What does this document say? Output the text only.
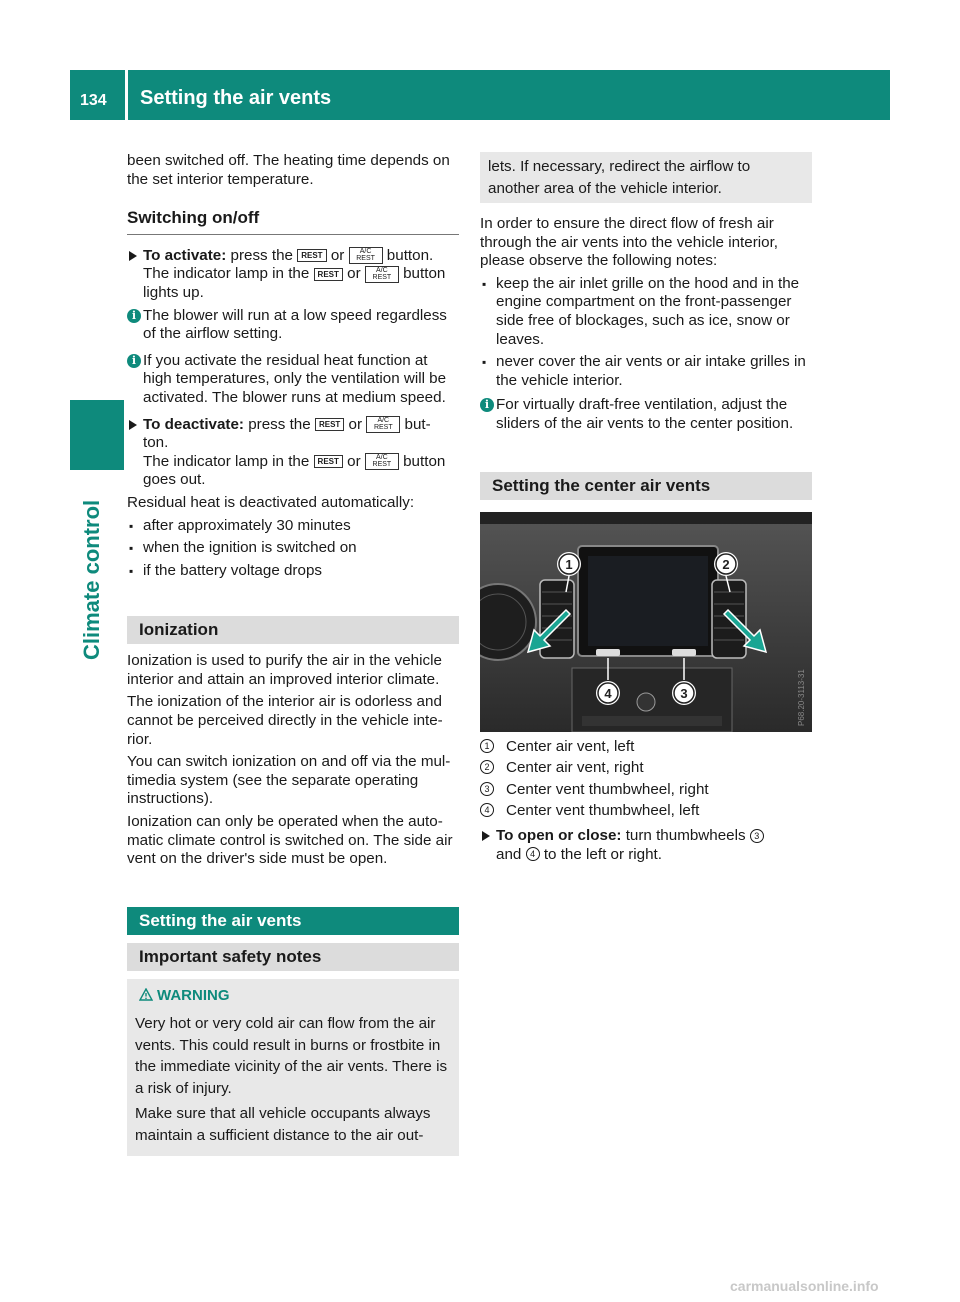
134 Setting the air vents
Climate control

been switched off. The heating time depends on the set interior temperature.

Switching on/off
To activate: press the REST or A/C
REST button.
The indicator lamp in the REST or A/C
REST button lights up.
i The blower will run at a low speed regardless of the airflow setting.
i If you activate the residual heat function at high temperatures, only the ventilation will be activated. The blower runs at medium speed.
To deactivate: press the REST or A/C
REST but- ton.
The indicator lamp in the REST or A/C
REST button goes out.

Residual heat is deactivated automatically:

▪ after approximately 30 minutes
▪ when the ignition is switched on
▪ if the battery voltage drops
Ionization

Ionization is used to purify the air in the vehicle interior and attain an improved interior climate.

The ionization of the interior air is odorless and cannot be perceived directly in the vehicle inte- rior.

You can switch ionization on and off via the mul- timedia system (see the separate operating instructions).

Ionization can only be operated when the auto- matic climate control is switched on. The side air vent on the driver's side must be open.

Setting the air vents
Important safety notes
WARNING

Very hot or very cold air can flow from the air vents. This could result in burns or frostbite in the immediate vicinity of the air vents. There is a risk of injury.

Make sure that all vehicle occupants always maintain a sufficient distance to the air out-

lets. If necessary, redirect the airflow to another area of the vehicle interior.

In order to ensure the direct flow of fresh air through the air vents into the vehicle interior, please observe the following notes:

▪ keep the air inlet grille on the hood and in the engine compartment on the front-passenger side free of blockages, such as ice, snow or leaves.
▪ never cover the air vents or air intake grilles in the vehicle interior.
i For virtually draft-free ventilation, adjust the sliders of the air vents to the center position.
Setting the center air vents
1	2
3
4	P68.20-3113-31
1 Center air vent, left
2 Center air vent, right
3 Center vent thumbwheel, right
4 Center vent thumbwheel, left
To open or close: turn thumbwheels 3
and 4 to the left or right.
carmanualsonline.info
